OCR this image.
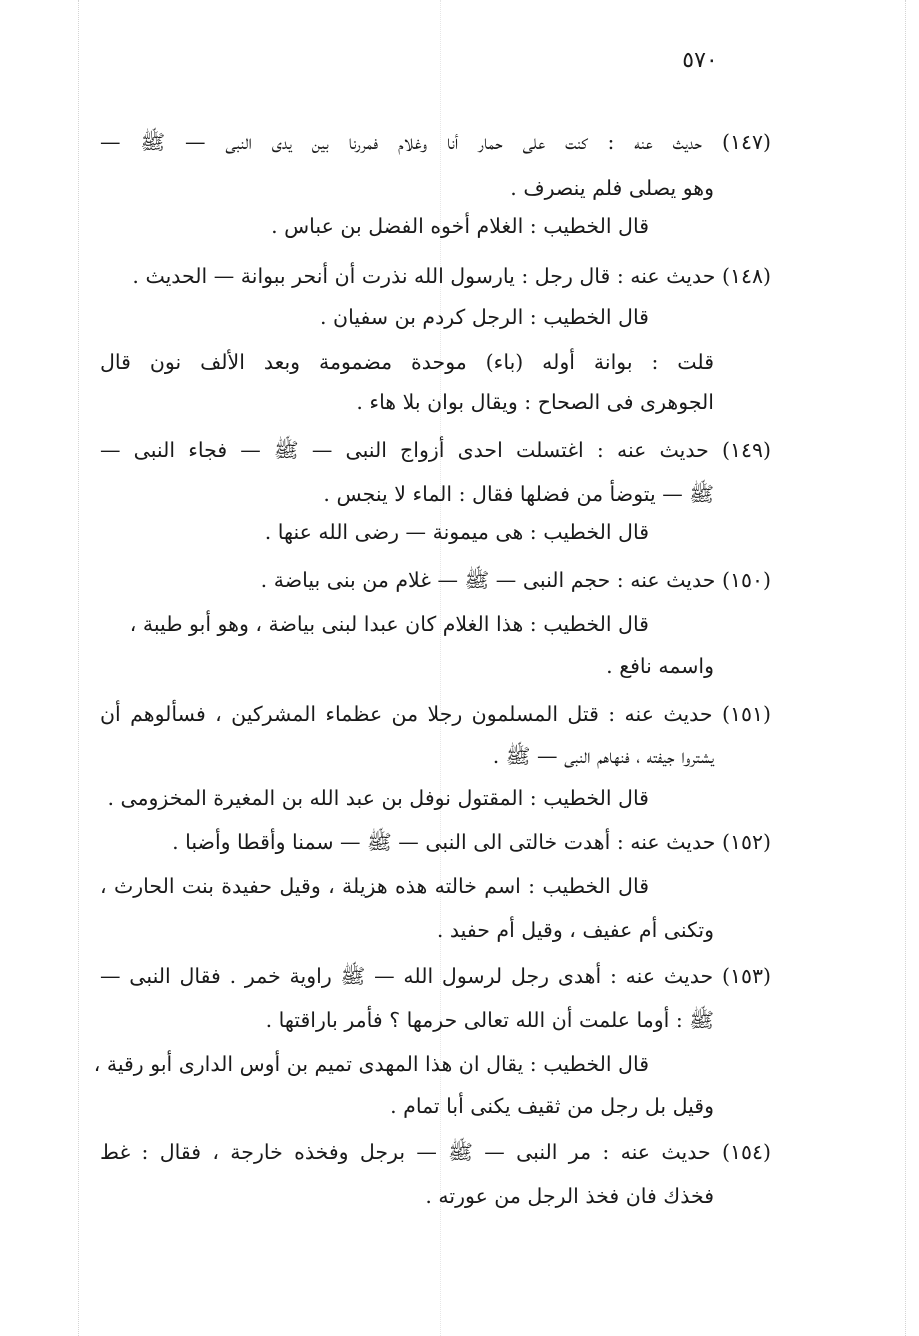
٥٧٠
(١٤٧) حديث عنه : كنت على حمار أنا وغلام فمررنا بين يدى النبى — ﷺ —
وهو يصلى فلم ينصرف .
قال الخطيب : الغلام أخوه الفضل بن عباس .
(١٤٨) حديث عنه : قال رجل : يارسول الله نذرت أن أنحر ببوانة — الحديث .
قال الخطيب : الرجل كردم بن سفيان .
قلت : بوانة أوله (باء) موحدة مضمومة وبعد الألف نون قال
الجوهرى فى الصحاح : ويقال بوان بلا هاء .
(١٤٩) حديث عنه : اغتسلت احدى أزواج النبى — ﷺ — فجاء النبى —
ﷺ — يتوضأ من فضلها فقال : الماء لا ينجس .
قال الخطيب : هى ميمونة — رضى الله عنها .
(١٥٠) حديث عنه : حجم النبى — ﷺ — غلام من بنى بياضة .
قال الخطيب : هذا الغلام كان عبدا لبنى بياضة ، وهو أبو طيبة ،
واسمه نافع .
(١٥١) حديث عنه : قتل المسلمون رجلا من عظماء المشركين ، فسألوهم أن
يشتروا جيفته ، فنهاهم النبى — ﷺ .
قال الخطيب : المقتول نوفل بن عبد الله بن المغيرة المخزومى .
(١٥٢) حديث عنه : أهدت خالتى الى النبى — ﷺ — سمنا وأقطا وأضبا .
قال الخطيب : اسم خالته هذه هزيلة ، وقيل حفيدة بنت الحارث ،
وتكنى أم عفيف ، وقيل أم حفيد .
(١٥٣) حديث عنه : أهدى رجل لرسول الله — ﷺ راوية خمر . فقال النبى —
ﷺ : أوما علمت أن الله تعالى حرمها ؟ فأمر باراقتها .
قال الخطيب : يقال ان هذا المهدى تميم بن أوس الدارى أبو رقية ،
وقيل بل رجل من ثقيف يكنى أبا تمام .
(١٥٤) حديث عنه : مر النبى — ﷺ — برجل وفخذه خارجة ، فقال : غط
فخذك فان فخذ الرجل من عورته .
